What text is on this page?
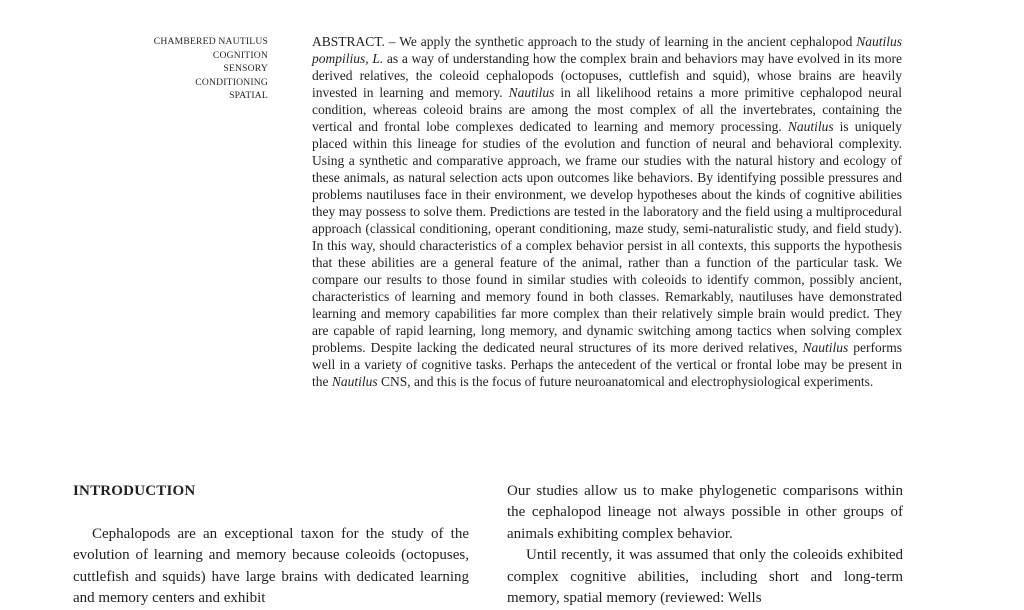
CHAMBERED NAUTILUS
COGNITION
SENSORY
CONDITIONING
SPATIAL

ABSTRACT. – We apply the synthetic approach to the study of learning in the ancient cephalopod Nautilus pompilius, L. as a way of understanding how the complex brain and behaviors may have evolved in its more derived relatives, the coleoid cephalopods (octopuses, cuttlefish and squid), whose brains are heavily invested in learning and memory. Nautilus in all likelihood retains a more primitive cephalopod neural condition, whereas coleoid brains are among the most complex of all the invertebrates, containing the vertical and frontal lobe complexes dedicated to learning and memory processing. Nautilus is uniquely placed within this lineage for studies of the evolution and function of neural and behavioral complexity. Using a synthetic and comparative approach, we frame our studies with the natural history and ecology of these animals, as natural selection acts upon outcomes like behaviors. By identifying possible pressures and problems nautiluses face in their environment, we develop hypotheses about the kinds of cognitive abilities they may possess to solve them. Predictions are tested in the laboratory and the field using a multiprocedural approach (classical conditioning, operant conditioning, maze study, semi-naturalistic study, and field study). In this way, should characteristics of a complex behavior persist in all contexts, this supports the hypothesis that these abilities are a general feature of the animal, rather than a function of the particular task. We compare our results to those found in similar studies with coleoids to identify common, possibly ancient, characteristics of learning and memory found in both classes. Remarkably, nautiluses have demonstrated learning and memory capabilities far more complex than their relatively simple brain would predict. They are capable of rapid learning, long memory, and dynamic switching among tactics when solving complex problems. Despite lacking the dedicated neural structures of its more derived relatives, Nautilus performs well in a variety of cognitive tasks. Perhaps the antecedent of the vertical or frontal lobe may be present in the Nautilus CNS, and this is the focus of future neuroanatomical and electrophysiological experiments.

INTRODUCTION

Cephalopods are an exceptional taxon for the study of the evolution of learning and memory because coleoids (octopuses, cuttlefish and squids) have large brains with dedicated learning and memory centers and exhibit

Our studies allow us to make phylogenetic comparisons within the cephalopod lineage not always possible in other groups of animals exhibiting complex behavior.

Until recently, it was assumed that only the coleoids exhibited complex cognitive abilities, including short and long-term memory, spatial memory (reviewed: Wells
